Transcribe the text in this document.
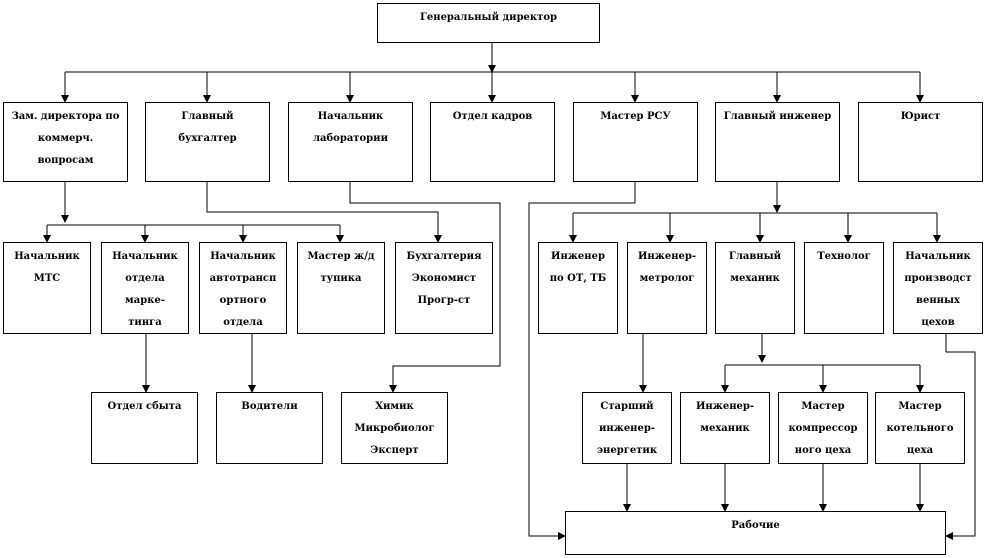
Генеральный директор
Зам. директора по
коммерч.
вопросам
Главный
бухгалтер
Начальник
лаборатории
Отдел кадров	Мастер РСУ	Главный инженер	Юрист
Начальник
МТС
Начальник
отдела
марке-
тинга
Начальник
автотрансп
ортного
отдела
Мастер ж/д
тупика
Бухгалтерия
Экономист
Прогр-ст
Инженер
по ОТ, ТБ
Инженер-
метролог
Главный
механик
Технолог	Начальник
производст
венных
цехов
Отдел сбыта	Водители	Химик
Микробиолог
Эксперт
Старший
инженер-
энергетик
Инженер-
механик
Мастер
компрессор
ного цеха
Мастер
котельного
цеха
Рабочие
